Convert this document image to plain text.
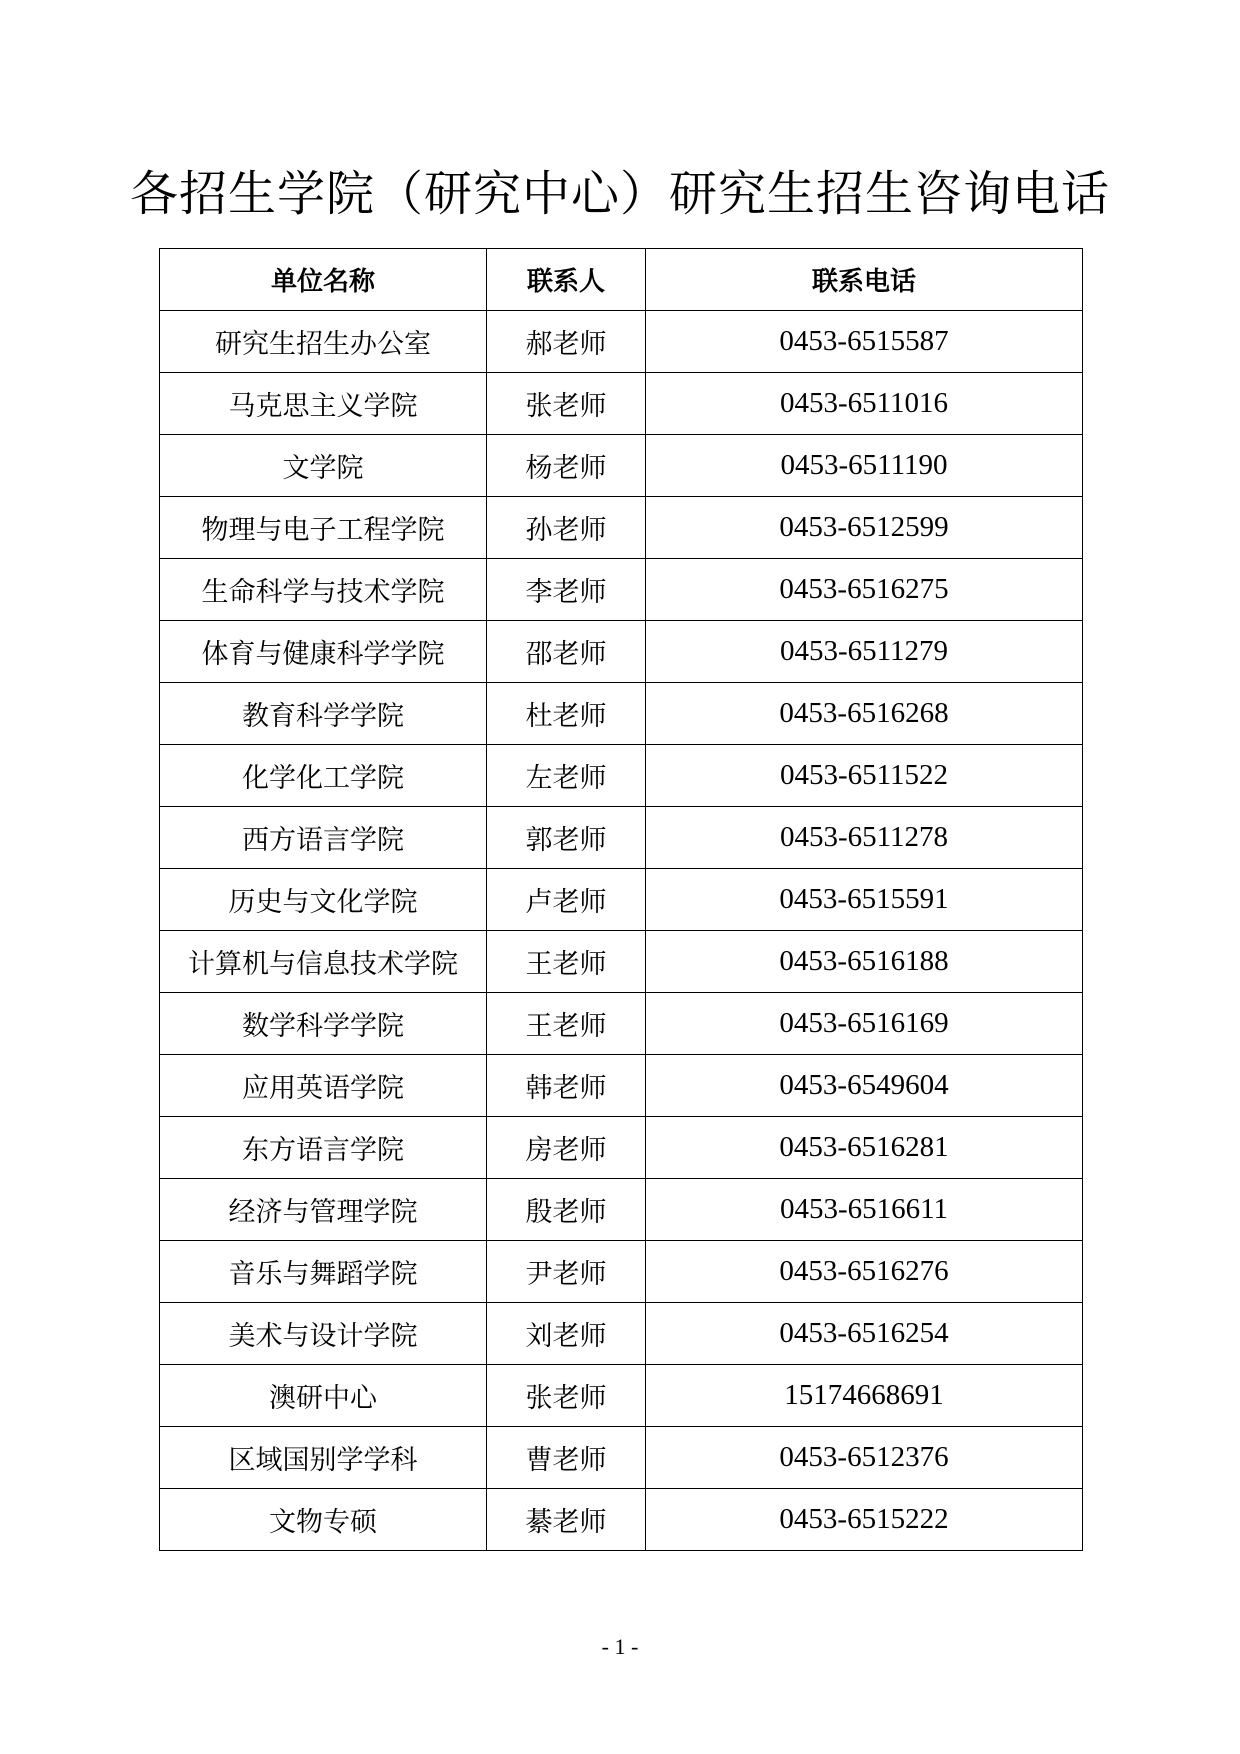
各招生学院（研究中心）研究生招生咨询电话
单位名称	联系人	联系电话
研究生招生办公室	郝老师	0453-6515587
马克思主义学院	张老师	0453-6511016
文学院	杨老师	0453-6511190
物理与电子工程学院	孙老师	0453-6512599
生命科学与技术学院	李老师	0453-6516275
体育与健康科学学院	邵老师	0453-6511279
教育科学学院	杜老师	0453-6516268
化学化工学院	左老师	0453-6511522
西方语言学院	郭老师	0453-6511278
历史与文化学院	卢老师	0453-6515591
计算机与信息技术学院	王老师	0453-6516188
数学科学学院	王老师	0453-6516169
应用英语学院	韩老师	0453-6549604
东方语言学院	房老师	0453-6516281
经济与管理学院	殷老师	0453-6516611
音乐与舞蹈学院	尹老师	0453-6516276
美术与设计学院	刘老师	0453-6516254
澳研中心	张老师	15174668691
区域国别学学科	曹老师	0453-6512376
文物专硕	綦老师	0453-6515222
- 1 -
